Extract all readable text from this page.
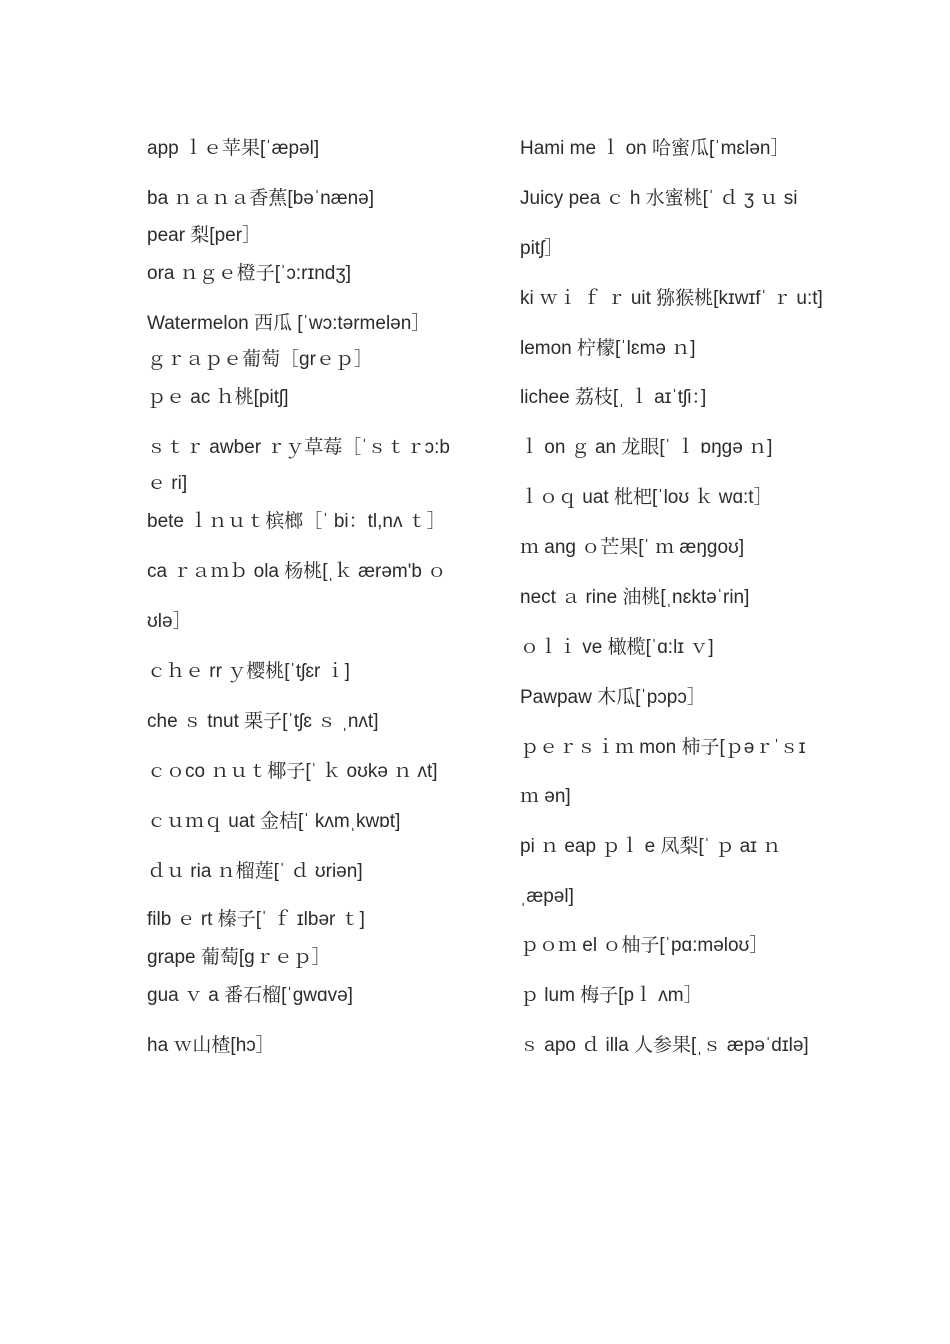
app ｌｅ苹果[ˈæpəl]
ba ｎａｎａ香蕉[bəˈnænə]
pear 梨[per］
ora ｎｇｅ橙子[ˈɔ:rɪndʒ]
Watermelon 西瓜 [ˈwɔ:tərmelən］
ｇｒａｐｅ葡萄［grｅｐ］
ｐｅ ac ｈ桃[pitʃ]
ｓｔｒ awber ｒｙ草莓［ˈｓｔｒɔ:b
ｅ ri]
bete ｌｎｕｔ槟榔［ˈ bi：tl,nʌ ｔ］
ca ｒａｍｂ ola 杨桃[ˌｋ ærəm'b ｏ
ʊlə］
ｃｈｅ rr ｙ樱桃[ˈtʃɛr ｉ]
che ｓ tnut 栗子[ˈtʃɛ ｓ ˌnʌt]
ｃｏco ｎｕｔ椰子[ˈ ｋ oʊkə ｎ ʌt]
ｃｕｍｑ uat 金桔[ˈ kʌmˌkwɒt]
ｄｕ ria ｎ榴莲[ˈ ｄ ʊriən]
filb ｅ rt 榛子[ˈ ｆ ɪlbər ｔ]
grape 葡萄[gｒｅｐ］
gua ｖ a 番石榴[ˈgwɑvə]
ha ｗ山楂[hɔ］
Hami me ｌ on 哈蜜瓜[ˈmɛlən］
Juicy pea ｃ h 水蜜桃[ˈ ｄ ʒ ｕ si
pitʃ］
ki ｗｉ ｆ ｒ uit 猕猴桃[kɪwɪfˈ ｒ u:t]
lemon 柠檬[ˈlɛmə ｎ]
lichee 荔枝[ˌ ｌ aɪˈtʃi：]
ｌ on ｇ an 龙眼[ˈ ｌ ɒŋgə ｎ]
ｌｏｑ uat 枇杷[ˈloʊ ｋ wɑ:t］
ｍ ang ｏ芒果[ˈ ｍ æŋgoʊ]
nect ａ rine 油桃[ˌnɛktəˈrin]
ｏｌｉ ve 橄榄[ˈɑ:lɪ ｖ]
Pawpaw 木瓜[ˈpɔpɔ］
ｐｅｒｓｉｍ mon 柿子[ｐəｒˈｓɪ
ｍ ən]
pi ｎ eap ｐｌ e 凤梨[ˈ ｐ aɪ ｎ
ˌæpəl]
ｐｏｍ el ｏ柚子[ˈpɑ:məloʊ］
ｐ lum 梅子[pｌ ʌm］
ｓ apo ｄ illa 人参果[ˌｓ æpəˈdɪlə]
